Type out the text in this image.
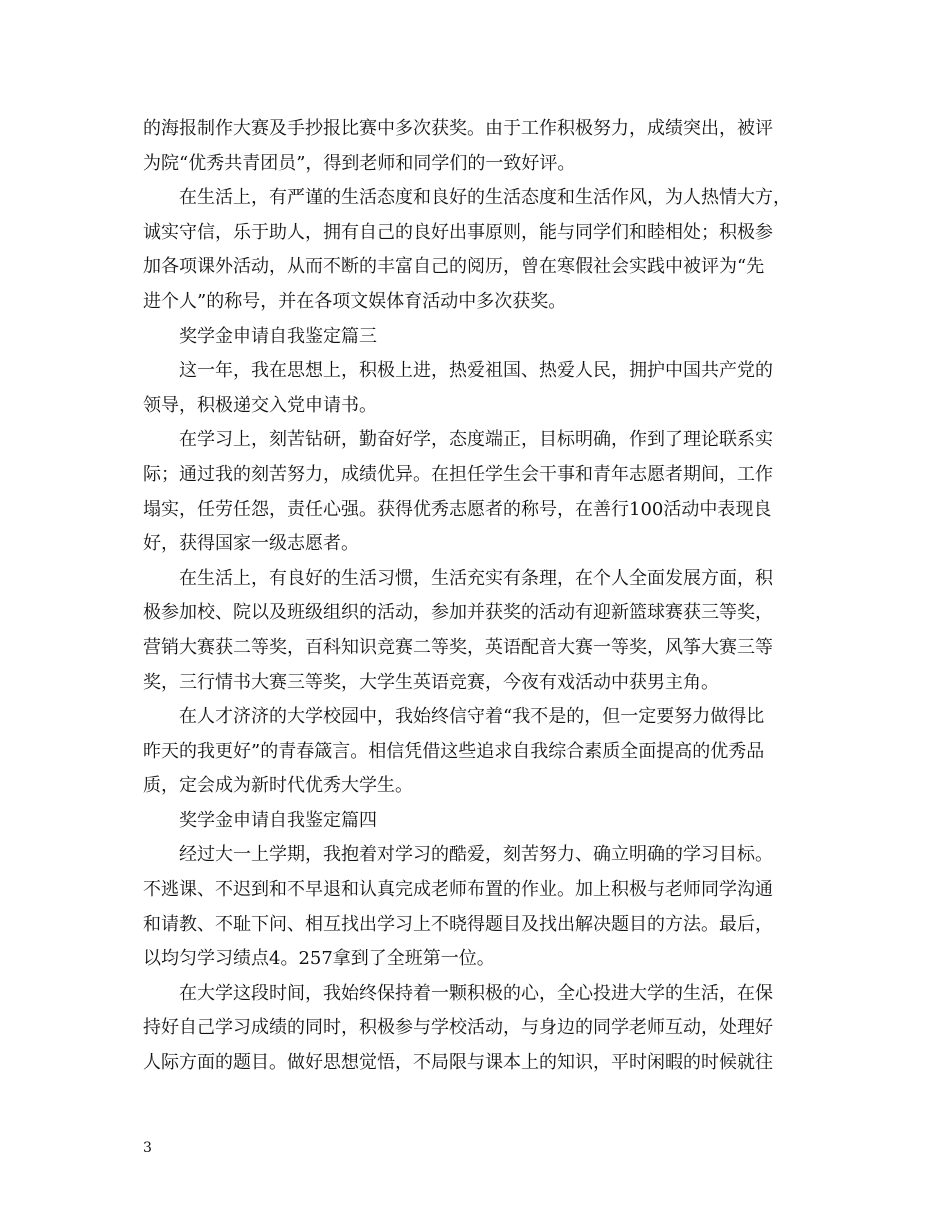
的海报制作大赛及手抄报比赛中多次获奖。由于工作积极努力，成绩突出，被评
为院“优秀共青团员”，得到老师和同学们的一致好评。
在生活上，有严谨的生活态度和良好的生活态度和生活作风，为人热情大方，
诚实守信，乐于助人，拥有自己的良好出事原则，能与同学们和睦相处；积极参
加各项课外活动，从而不断的丰富自己的阅历，曾在寒假社会实践中被评为“先
进个人”的称号，并在各项文娱体育活动中多次获奖。
奖学金申请自我鉴定篇三
这一年，我在思想上，积极上进，热爱祖国、热爱人民，拥护中国共产党的
领导，积极递交入党申请书。
在学习上，刻苦钻研，勤奋好学，态度端正，目标明确，作到了理论联系实
际；通过我的刻苦努力，成绩优异。在担任学生会干事和青年志愿者期间，工作
塌实，任劳任怨，责任心强。获得优秀志愿者的称号，在善行100活动中表现良
好，获得国家一级志愿者。
在生活上，有良好的生活习惯，生活充实有条理，在个人全面发展方面，积
极参加校、院以及班级组织的活动，参加并获奖的活动有迎新篮球赛获三等奖，
营销大赛获二等奖，百科知识竞赛二等奖，英语配音大赛一等奖，风筝大赛三等
奖，三行情书大赛三等奖，大学生英语竞赛，今夜有戏活动中获男主角。
在人才济济的大学校园中，我始终信守着“我不是的，但一定要努力做得比
昨天的我更好”的青春箴言。相信凭借这些追求自我综合素质全面提高的优秀品
质，定会成为新时代优秀大学生。
奖学金申请自我鉴定篇四
经过大一上学期，我抱着对学习的酷爱，刻苦努力、确立明确的学习目标。
不逃课、不迟到和不早退和认真完成老师布置的作业。加上积极与老师同学沟通
和请教、不耻下问、相互找出学习上不晓得题目及找出解决题目的方法。最后，
以均匀学习绩点4。257拿到了全班第一位。
在大学这段时间，我始终保持着一颗积极的心，全心投进大学的生活，在保
持好自己学习成绩的同时，积极参与学校活动，与身边的同学老师互动，处理好
人际方面的题目。做好思想觉悟，不局限与课本上的知识，平时闲暇的时候就往
3
